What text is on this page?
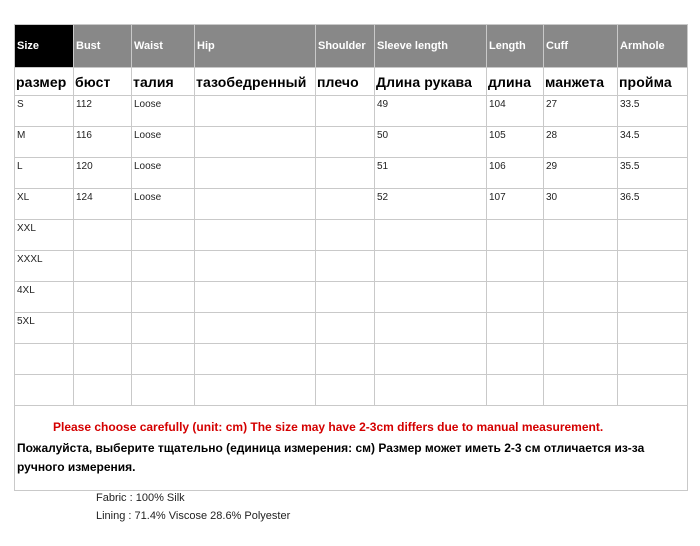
Size	Bust	Waist	Hip	Shoulder	Sleeve length	Length	Cuff	Armhole
размер	бюст	талия	тазобедренный	плечо	Длина рукава	длина	манжета	пройма
S	112	Loose			49	104	27	33.5
M	116	Loose			50	105	28	34.5
L	120	Loose			51	106	29	35.5
XL	124	Loose			52	107	30	36.5
XXL								
XXXL								
4XL								
5XL								

Please choose carefully (unit: cm) The size may have 2-3cm differs due to manual measurement.
Пожалуйста, выберите тщательно (единица измерения: см) Размер может иметь 2-3 см отличается из-за ручного измерения.								
Fabric : 100% Silk
Lining : 71.4% Viscose 28.6% Polyester
